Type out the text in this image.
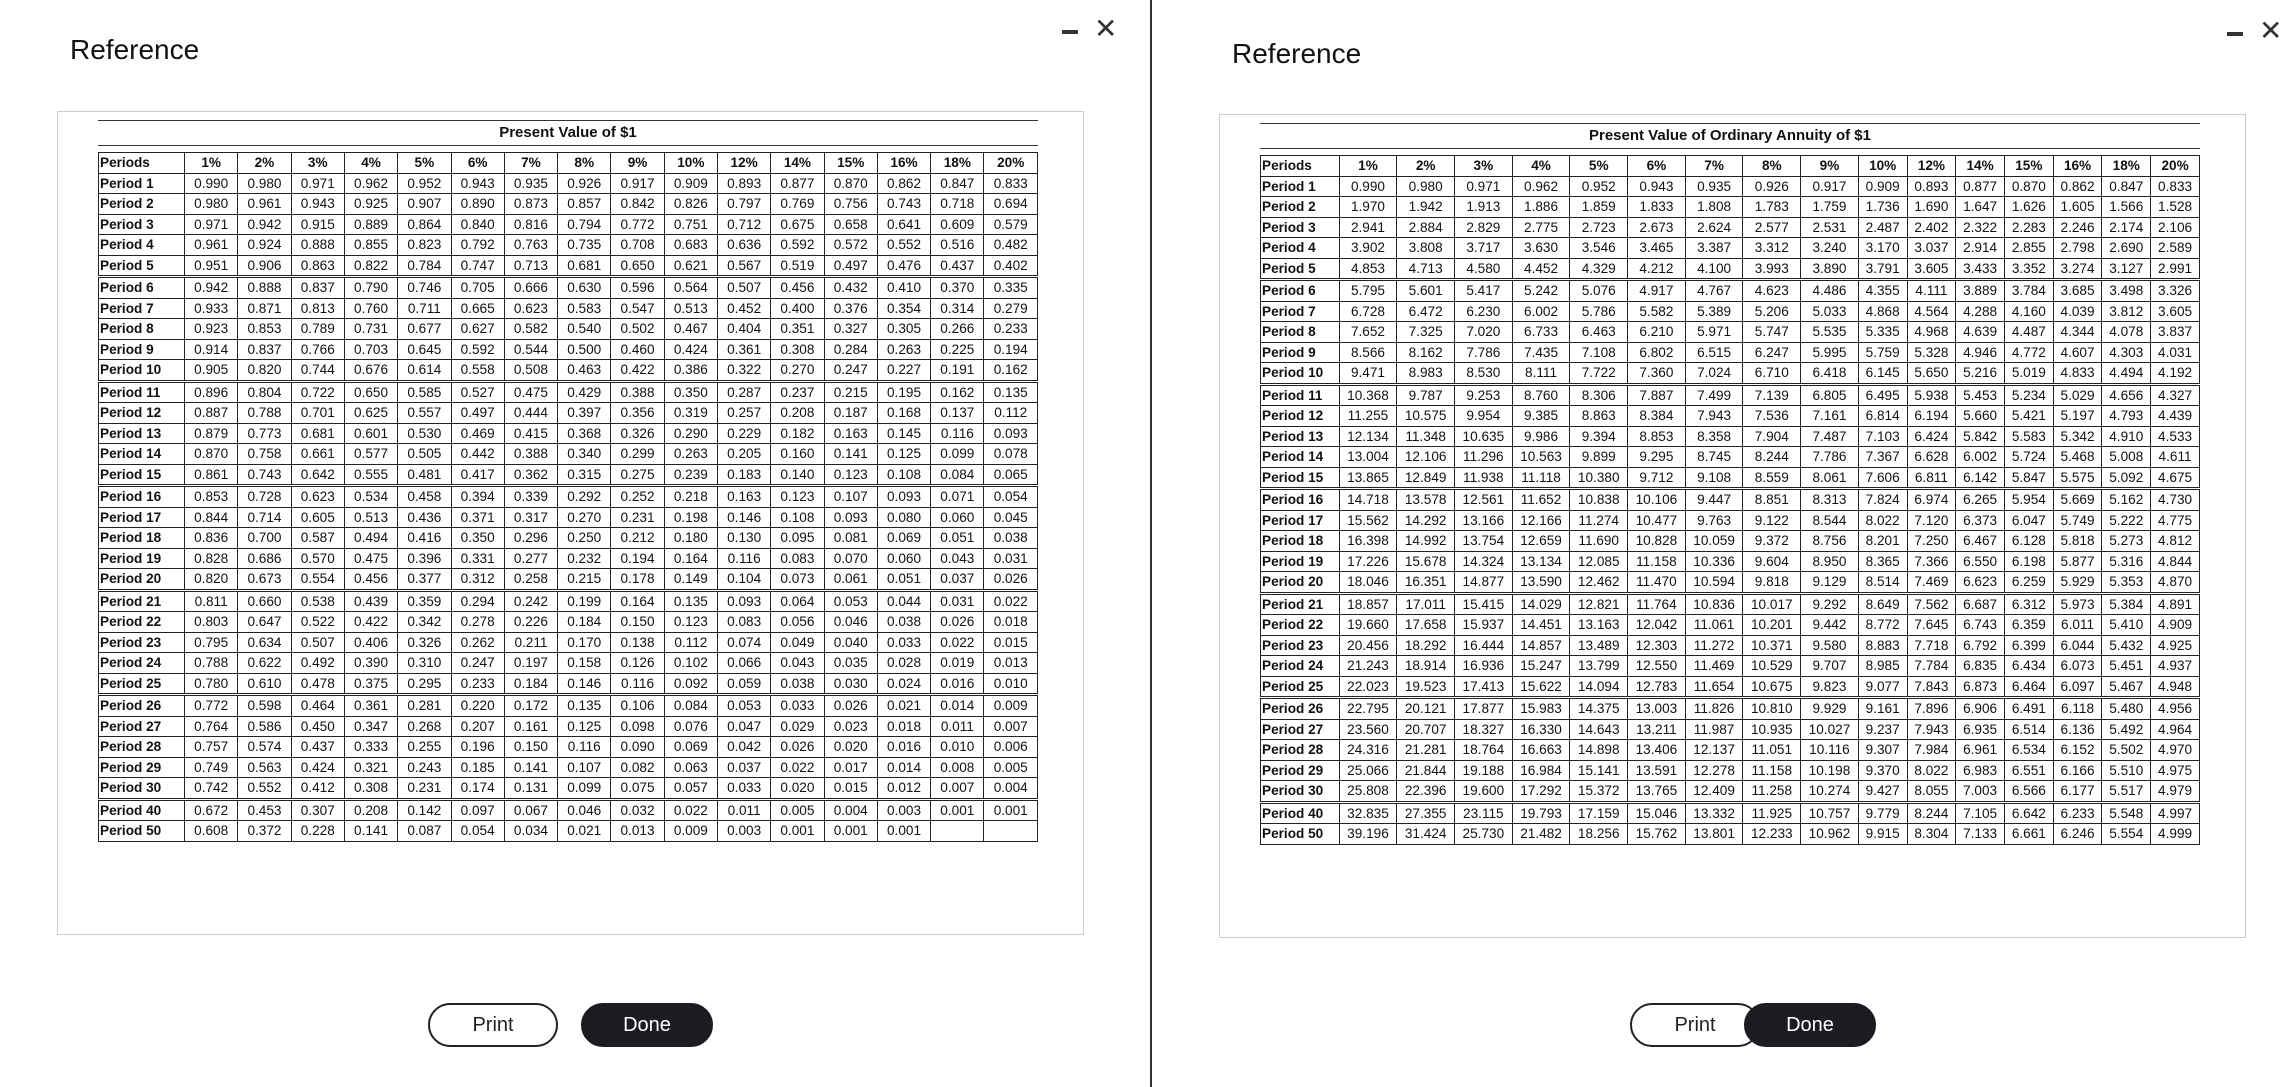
Reference
✕
Present Value of $1
Periods	1%	2%	3%	4%	5%	6%	7%	8%	9%	10%	12%	14%	15%	16%	18%	20%
Period 1	0.990	0.980	0.971	0.962	0.952	0.943	0.935	0.926	0.917	0.909	0.893	0.877	0.870	0.862	0.847	0.833
Period 2	0.980	0.961	0.943	0.925	0.907	0.890	0.873	0.857	0.842	0.826	0.797	0.769	0.756	0.743	0.718	0.694
Period 3	0.971	0.942	0.915	0.889	0.864	0.840	0.816	0.794	0.772	0.751	0.712	0.675	0.658	0.641	0.609	0.579
Period 4	0.961	0.924	0.888	0.855	0.823	0.792	0.763	0.735	0.708	0.683	0.636	0.592	0.572	0.552	0.516	0.482
Period 5	0.951	0.906	0.863	0.822	0.784	0.747	0.713	0.681	0.650	0.621	0.567	0.519	0.497	0.476	0.437	0.402
Period 6	0.942	0.888	0.837	0.790	0.746	0.705	0.666	0.630	0.596	0.564	0.507	0.456	0.432	0.410	0.370	0.335
Period 7	0.933	0.871	0.813	0.760	0.711	0.665	0.623	0.583	0.547	0.513	0.452	0.400	0.376	0.354	0.314	0.279
Period 8	0.923	0.853	0.789	0.731	0.677	0.627	0.582	0.540	0.502	0.467	0.404	0.351	0.327	0.305	0.266	0.233
Period 9	0.914	0.837	0.766	0.703	0.645	0.592	0.544	0.500	0.460	0.424	0.361	0.308	0.284	0.263	0.225	0.194
Period 10	0.905	0.820	0.744	0.676	0.614	0.558	0.508	0.463	0.422	0.386	0.322	0.270	0.247	0.227	0.191	0.162
Period 11	0.896	0.804	0.722	0.650	0.585	0.527	0.475	0.429	0.388	0.350	0.287	0.237	0.215	0.195	0.162	0.135
Period 12	0.887	0.788	0.701	0.625	0.557	0.497	0.444	0.397	0.356	0.319	0.257	0.208	0.187	0.168	0.137	0.112
Period 13	0.879	0.773	0.681	0.601	0.530	0.469	0.415	0.368	0.326	0.290	0.229	0.182	0.163	0.145	0.116	0.093
Period 14	0.870	0.758	0.661	0.577	0.505	0.442	0.388	0.340	0.299	0.263	0.205	0.160	0.141	0.125	0.099	0.078
Period 15	0.861	0.743	0.642	0.555	0.481	0.417	0.362	0.315	0.275	0.239	0.183	0.140	0.123	0.108	0.084	0.065
Period 16	0.853	0.728	0.623	0.534	0.458	0.394	0.339	0.292	0.252	0.218	0.163	0.123	0.107	0.093	0.071	0.054
Period 17	0.844	0.714	0.605	0.513	0.436	0.371	0.317	0.270	0.231	0.198	0.146	0.108	0.093	0.080	0.060	0.045
Period 18	0.836	0.700	0.587	0.494	0.416	0.350	0.296	0.250	0.212	0.180	0.130	0.095	0.081	0.069	0.051	0.038
Period 19	0.828	0.686	0.570	0.475	0.396	0.331	0.277	0.232	0.194	0.164	0.116	0.083	0.070	0.060	0.043	0.031
Period 20	0.820	0.673	0.554	0.456	0.377	0.312	0.258	0.215	0.178	0.149	0.104	0.073	0.061	0.051	0.037	0.026
Period 21	0.811	0.660	0.538	0.439	0.359	0.294	0.242	0.199	0.164	0.135	0.093	0.064	0.053	0.044	0.031	0.022
Period 22	0.803	0.647	0.522	0.422	0.342	0.278	0.226	0.184	0.150	0.123	0.083	0.056	0.046	0.038	0.026	0.018
Period 23	0.795	0.634	0.507	0.406	0.326	0.262	0.211	0.170	0.138	0.112	0.074	0.049	0.040	0.033	0.022	0.015
Period 24	0.788	0.622	0.492	0.390	0.310	0.247	0.197	0.158	0.126	0.102	0.066	0.043	0.035	0.028	0.019	0.013
Period 25	0.780	0.610	0.478	0.375	0.295	0.233	0.184	0.146	0.116	0.092	0.059	0.038	0.030	0.024	0.016	0.010
Period 26	0.772	0.598	0.464	0.361	0.281	0.220	0.172	0.135	0.106	0.084	0.053	0.033	0.026	0.021	0.014	0.009
Period 27	0.764	0.586	0.450	0.347	0.268	0.207	0.161	0.125	0.098	0.076	0.047	0.029	0.023	0.018	0.011	0.007
Period 28	0.757	0.574	0.437	0.333	0.255	0.196	0.150	0.116	0.090	0.069	0.042	0.026	0.020	0.016	0.010	0.006
Period 29	0.749	0.563	0.424	0.321	0.243	0.185	0.141	0.107	0.082	0.063	0.037	0.022	0.017	0.014	0.008	0.005
Period 30	0.742	0.552	0.412	0.308	0.231	0.174	0.131	0.099	0.075	0.057	0.033	0.020	0.015	0.012	0.007	0.004
Period 40	0.672	0.453	0.307	0.208	0.142	0.097	0.067	0.046	0.032	0.022	0.011	0.005	0.004	0.003	0.001	0.001
Period 50	0.608	0.372	0.228	0.141	0.087	0.054	0.034	0.021	0.013	0.009	0.003	0.001	0.001	0.001		
Print	Done
Reference
✕
Present Value of Ordinary Annuity of $1
Periods	1%	2%	3%	4%	5%	6%	7%	8%	9%	10%	12%	14%	15%	16%	18%	20%
Period 1	0.990	0.980	0.971	0.962	0.952	0.943	0.935	0.926	0.917	0.909	0.893	0.877	0.870	0.862	0.847	0.833
Period 2	1.970	1.942	1.913	1.886	1.859	1.833	1.808	1.783	1.759	1.736	1.690	1.647	1.626	1.605	1.566	1.528
Period 3	2.941	2.884	2.829	2.775	2.723	2.673	2.624	2.577	2.531	2.487	2.402	2.322	2.283	2.246	2.174	2.106
Period 4	3.902	3.808	3.717	3.630	3.546	3.465	3.387	3.312	3.240	3.170	3.037	2.914	2.855	2.798	2.690	2.589
Period 5	4.853	4.713	4.580	4.452	4.329	4.212	4.100	3.993	3.890	3.791	3.605	3.433	3.352	3.274	3.127	2.991
Period 6	5.795	5.601	5.417	5.242	5.076	4.917	4.767	4.623	4.486	4.355	4.111	3.889	3.784	3.685	3.498	3.326
Period 7	6.728	6.472	6.230	6.002	5.786	5.582	5.389	5.206	5.033	4.868	4.564	4.288	4.160	4.039	3.812	3.605
Period 8	7.652	7.325	7.020	6.733	6.463	6.210	5.971	5.747	5.535	5.335	4.968	4.639	4.487	4.344	4.078	3.837
Period 9	8.566	8.162	7.786	7.435	7.108	6.802	6.515	6.247	5.995	5.759	5.328	4.946	4.772	4.607	4.303	4.031
Period 10	9.471	8.983	8.530	8.111	7.722	7.360	7.024	6.710	6.418	6.145	5.650	5.216	5.019	4.833	4.494	4.192
Period 11	10.368	9.787	9.253	8.760	8.306	7.887	7.499	7.139	6.805	6.495	5.938	5.453	5.234	5.029	4.656	4.327
Period 12	11.255	10.575	9.954	9.385	8.863	8.384	7.943	7.536	7.161	6.814	6.194	5.660	5.421	5.197	4.793	4.439
Period 13	12.134	11.348	10.635	9.986	9.394	8.853	8.358	7.904	7.487	7.103	6.424	5.842	5.583	5.342	4.910	4.533
Period 14	13.004	12.106	11.296	10.563	9.899	9.295	8.745	8.244	7.786	7.367	6.628	6.002	5.724	5.468	5.008	4.611
Period 15	13.865	12.849	11.938	11.118	10.380	9.712	9.108	8.559	8.061	7.606	6.811	6.142	5.847	5.575	5.092	4.675
Period 16	14.718	13.578	12.561	11.652	10.838	10.106	9.447	8.851	8.313	7.824	6.974	6.265	5.954	5.669	5.162	4.730
Period 17	15.562	14.292	13.166	12.166	11.274	10.477	9.763	9.122	8.544	8.022	7.120	6.373	6.047	5.749	5.222	4.775
Period 18	16.398	14.992	13.754	12.659	11.690	10.828	10.059	9.372	8.756	8.201	7.250	6.467	6.128	5.818	5.273	4.812
Period 19	17.226	15.678	14.324	13.134	12.085	11.158	10.336	9.604	8.950	8.365	7.366	6.550	6.198	5.877	5.316	4.844
Period 20	18.046	16.351	14.877	13.590	12.462	11.470	10.594	9.818	9.129	8.514	7.469	6.623	6.259	5.929	5.353	4.870
Period 21	18.857	17.011	15.415	14.029	12.821	11.764	10.836	10.017	9.292	8.649	7.562	6.687	6.312	5.973	5.384	4.891
Period 22	19.660	17.658	15.937	14.451	13.163	12.042	11.061	10.201	9.442	8.772	7.645	6.743	6.359	6.011	5.410	4.909
Period 23	20.456	18.292	16.444	14.857	13.489	12.303	11.272	10.371	9.580	8.883	7.718	6.792	6.399	6.044	5.432	4.925
Period 24	21.243	18.914	16.936	15.247	13.799	12.550	11.469	10.529	9.707	8.985	7.784	6.835	6.434	6.073	5.451	4.937
Period 25	22.023	19.523	17.413	15.622	14.094	12.783	11.654	10.675	9.823	9.077	7.843	6.873	6.464	6.097	5.467	4.948
Period 26	22.795	20.121	17.877	15.983	14.375	13.003	11.826	10.810	9.929	9.161	7.896	6.906	6.491	6.118	5.480	4.956
Period 27	23.560	20.707	18.327	16.330	14.643	13.211	11.987	10.935	10.027	9.237	7.943	6.935	6.514	6.136	5.492	4.964
Period 28	24.316	21.281	18.764	16.663	14.898	13.406	12.137	11.051	10.116	9.307	7.984	6.961	6.534	6.152	5.502	4.970
Period 29	25.066	21.844	19.188	16.984	15.141	13.591	12.278	11.158	10.198	9.370	8.022	6.983	6.551	6.166	5.510	4.975
Period 30	25.808	22.396	19.600	17.292	15.372	13.765	12.409	11.258	10.274	9.427	8.055	7.003	6.566	6.177	5.517	4.979
Period 40	32.835	27.355	23.115	19.793	17.159	15.046	13.332	11.925	10.757	9.779	8.244	7.105	6.642	6.233	5.548	4.997
Period 50	39.196	31.424	25.730	21.482	18.256	15.762	13.801	12.233	10.962	9.915	8.304	7.133	6.661	6.246	5.554	4.999
Print	Done
